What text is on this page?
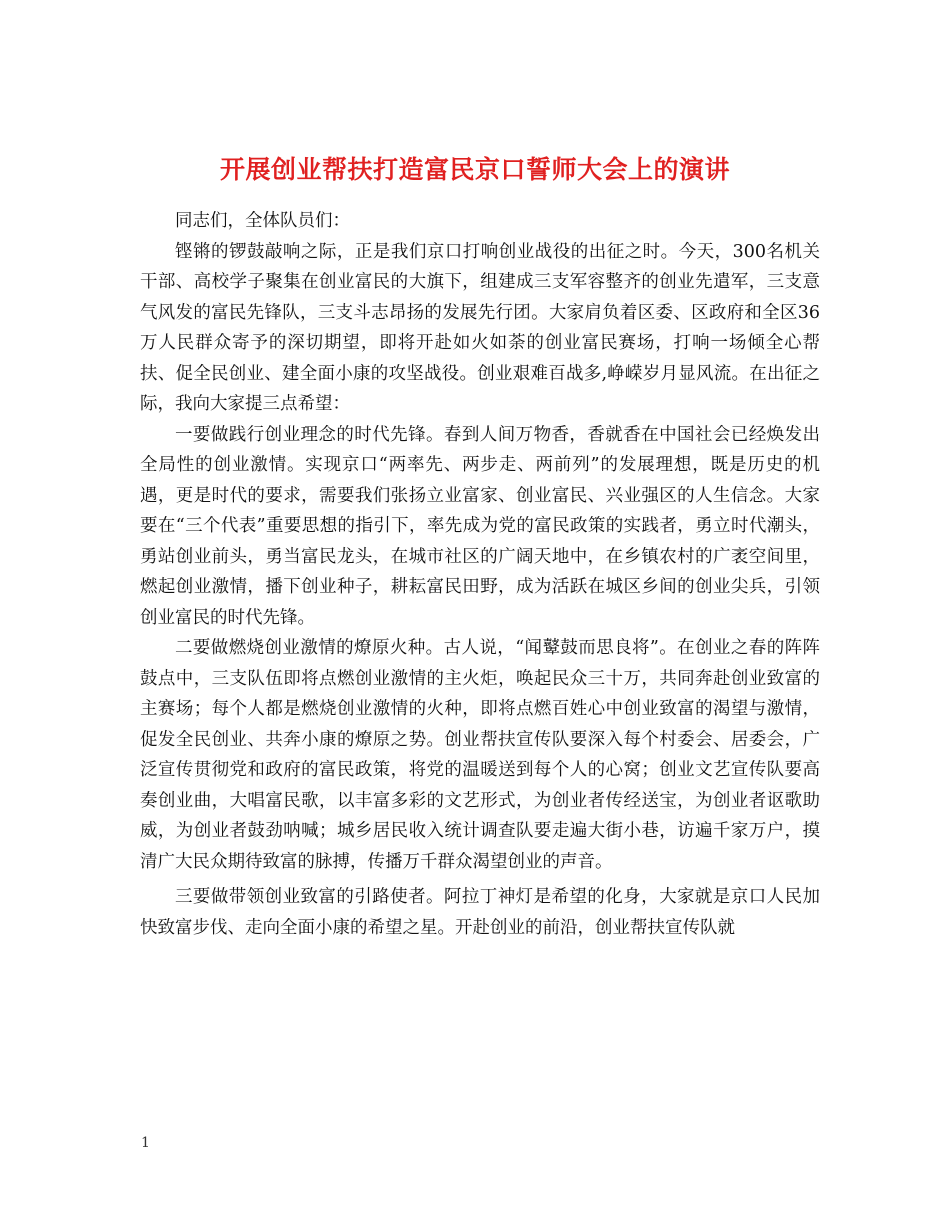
开展创业帮扶打造富民京口誓师大会上的演讲

同志们，全体队员们：

铿锵的锣鼓敲响之际，正是我们京口打响创业战役的出征之时。今天，300名机关干部、高校学子聚集在创业富民的大旗下，组建成三支军容整齐的创业先遣军，三支意气风发的富民先锋队，三支斗志昂扬的发展先行团。大家肩负着区委、区政府和全区36万人民群众寄予的深切期望，即将开赴如火如荼的创业富民赛场，打响一场倾全心帮扶、促全民创业、建全面小康的攻坚战役。创业艰难百战多,峥嵘岁月显风流。在出征之际，我向大家提三点希望：

一要做践行创业理念的时代先锋。春到人间万物香，香就香在中国社会已经焕发出全局性的创业激情。实现京口“两率先、两步走、两前列”的发展理想，既是历史的机遇，更是时代的要求，需要我们张扬立业富家、创业富民、兴业强区的人生信念。大家要在“三个代表”重要思想的指引下，率先成为党的富民政策的实践者，勇立时代潮头，勇站创业前头，勇当富民龙头，在城市社区的广阔天地中，在乡镇农村的广袤空间里，燃起创业激情，播下创业种子，耕耘富民田野，成为活跃在城区乡间的创业尖兵，引领创业富民的时代先锋。

二要做燃烧创业激情的燎原火种。古人说，“闻鼙鼓而思良将”。在创业之春的阵阵鼓点中，三支队伍即将点燃创业激情的主火炬，唤起民众三十万，共同奔赴创业致富的主赛场；每个人都是燃烧创业激情的火种，即将点燃百姓心中创业致富的渴望与激情，促发全民创业、共奔小康的燎原之势。创业帮扶宣传队要深入每个村委会、居委会，广泛宣传贯彻党和政府的富民政策，将党的温暖送到每个人的心窝；创业文艺宣传队要高奏创业曲，大唱富民歌，以丰富多彩的文艺形式，为创业者传经送宝，为创业者讴歌助威，为创业者鼓劲呐喊；城乡居民收入统计调查队要走遍大街小巷，访遍千家万户，摸清广大民众期待致富的脉搏，传播万千群众渴望创业的声音。

三要做带领创业致富的引路使者。阿拉丁神灯是希望的化身，大家就是京口人民加快致富步伐、走向全面小康的希望之星。开赴创业的前沿，创业帮扶宣传队就

1
